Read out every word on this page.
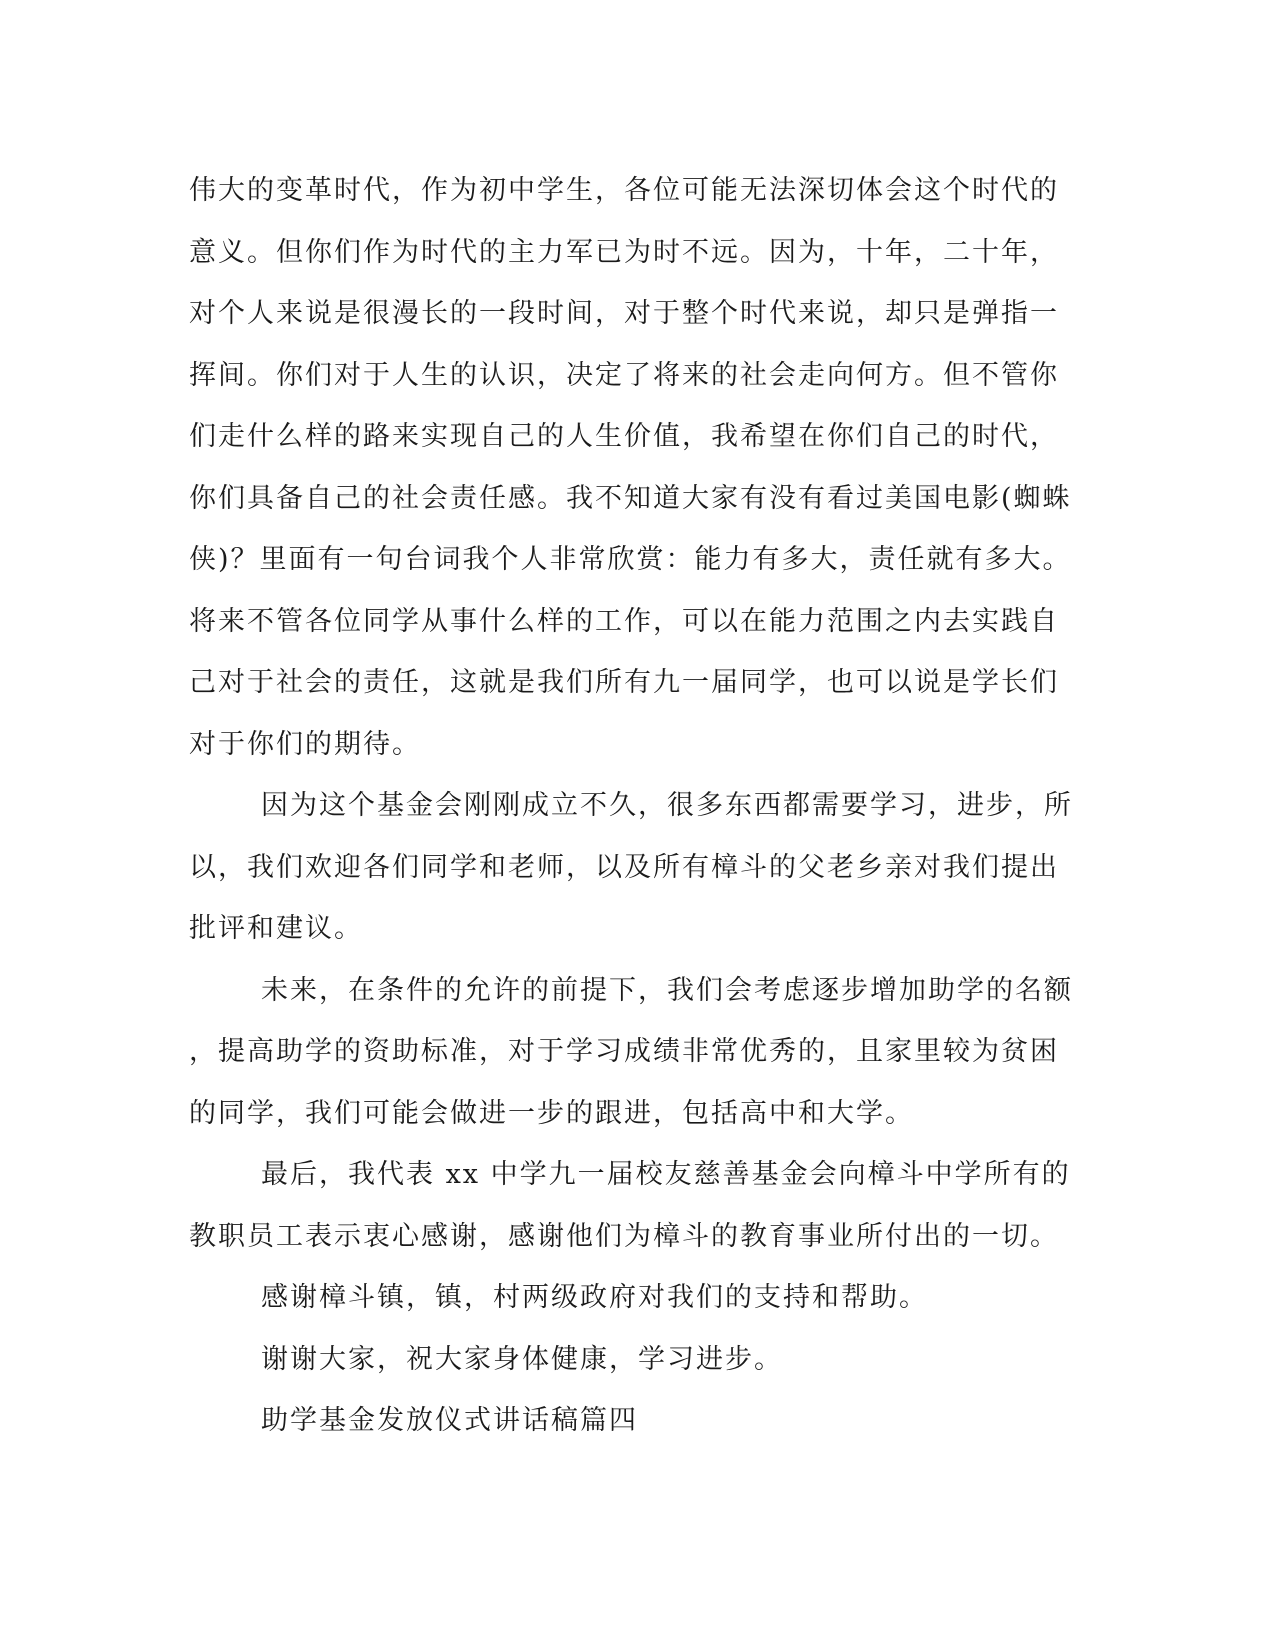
伟大的变革时代，作为初中学生，各位可能无法深切体会这个时代的
意义。但你们作为时代的主力军已为时不远。因为，十年，二十年，
对个人来说是很漫长的一段时间，对于整个时代来说，却只是弹指一
挥间。你们对于人生的认识，决定了将来的社会走向何方。但不管你
们走什么样的路来实现自己的人生价值，我希望在你们自己的时代，
你们具备自己的社会责任感。我不知道大家有没有看过美国电影(蜘蛛
侠)？里面有一句台词我个人非常欣赏：能力有多大，责任就有多大。
将来不管各位同学从事什么样的工作，可以在能力范围之内去实践自
己对于社会的责任，这就是我们所有九一届同学，也可以说是学长们
对于你们的期待。
因为这个基金会刚刚成立不久，很多东西都需要学习，进步，所
以，我们欢迎各们同学和老师，以及所有樟斗的父老乡亲对我们提出
批评和建议。
未来，在条件的允许的前提下，我们会考虑逐步增加助学的名额
，提高助学的资助标准，对于学习成绩非常优秀的，且家里较为贫困
的同学，我们可能会做进一步的跟进，包括高中和大学。
最后，我代表 xx 中学九一届校友慈善基金会向樟斗中学所有的
教职员工表示衷心感谢，感谢他们为樟斗的教育事业所付出的一切。
感谢樟斗镇，镇，村两级政府对我们的支持和帮助。
谢谢大家，祝大家身体健康，学习进步。
助学基金发放仪式讲话稿篇四
